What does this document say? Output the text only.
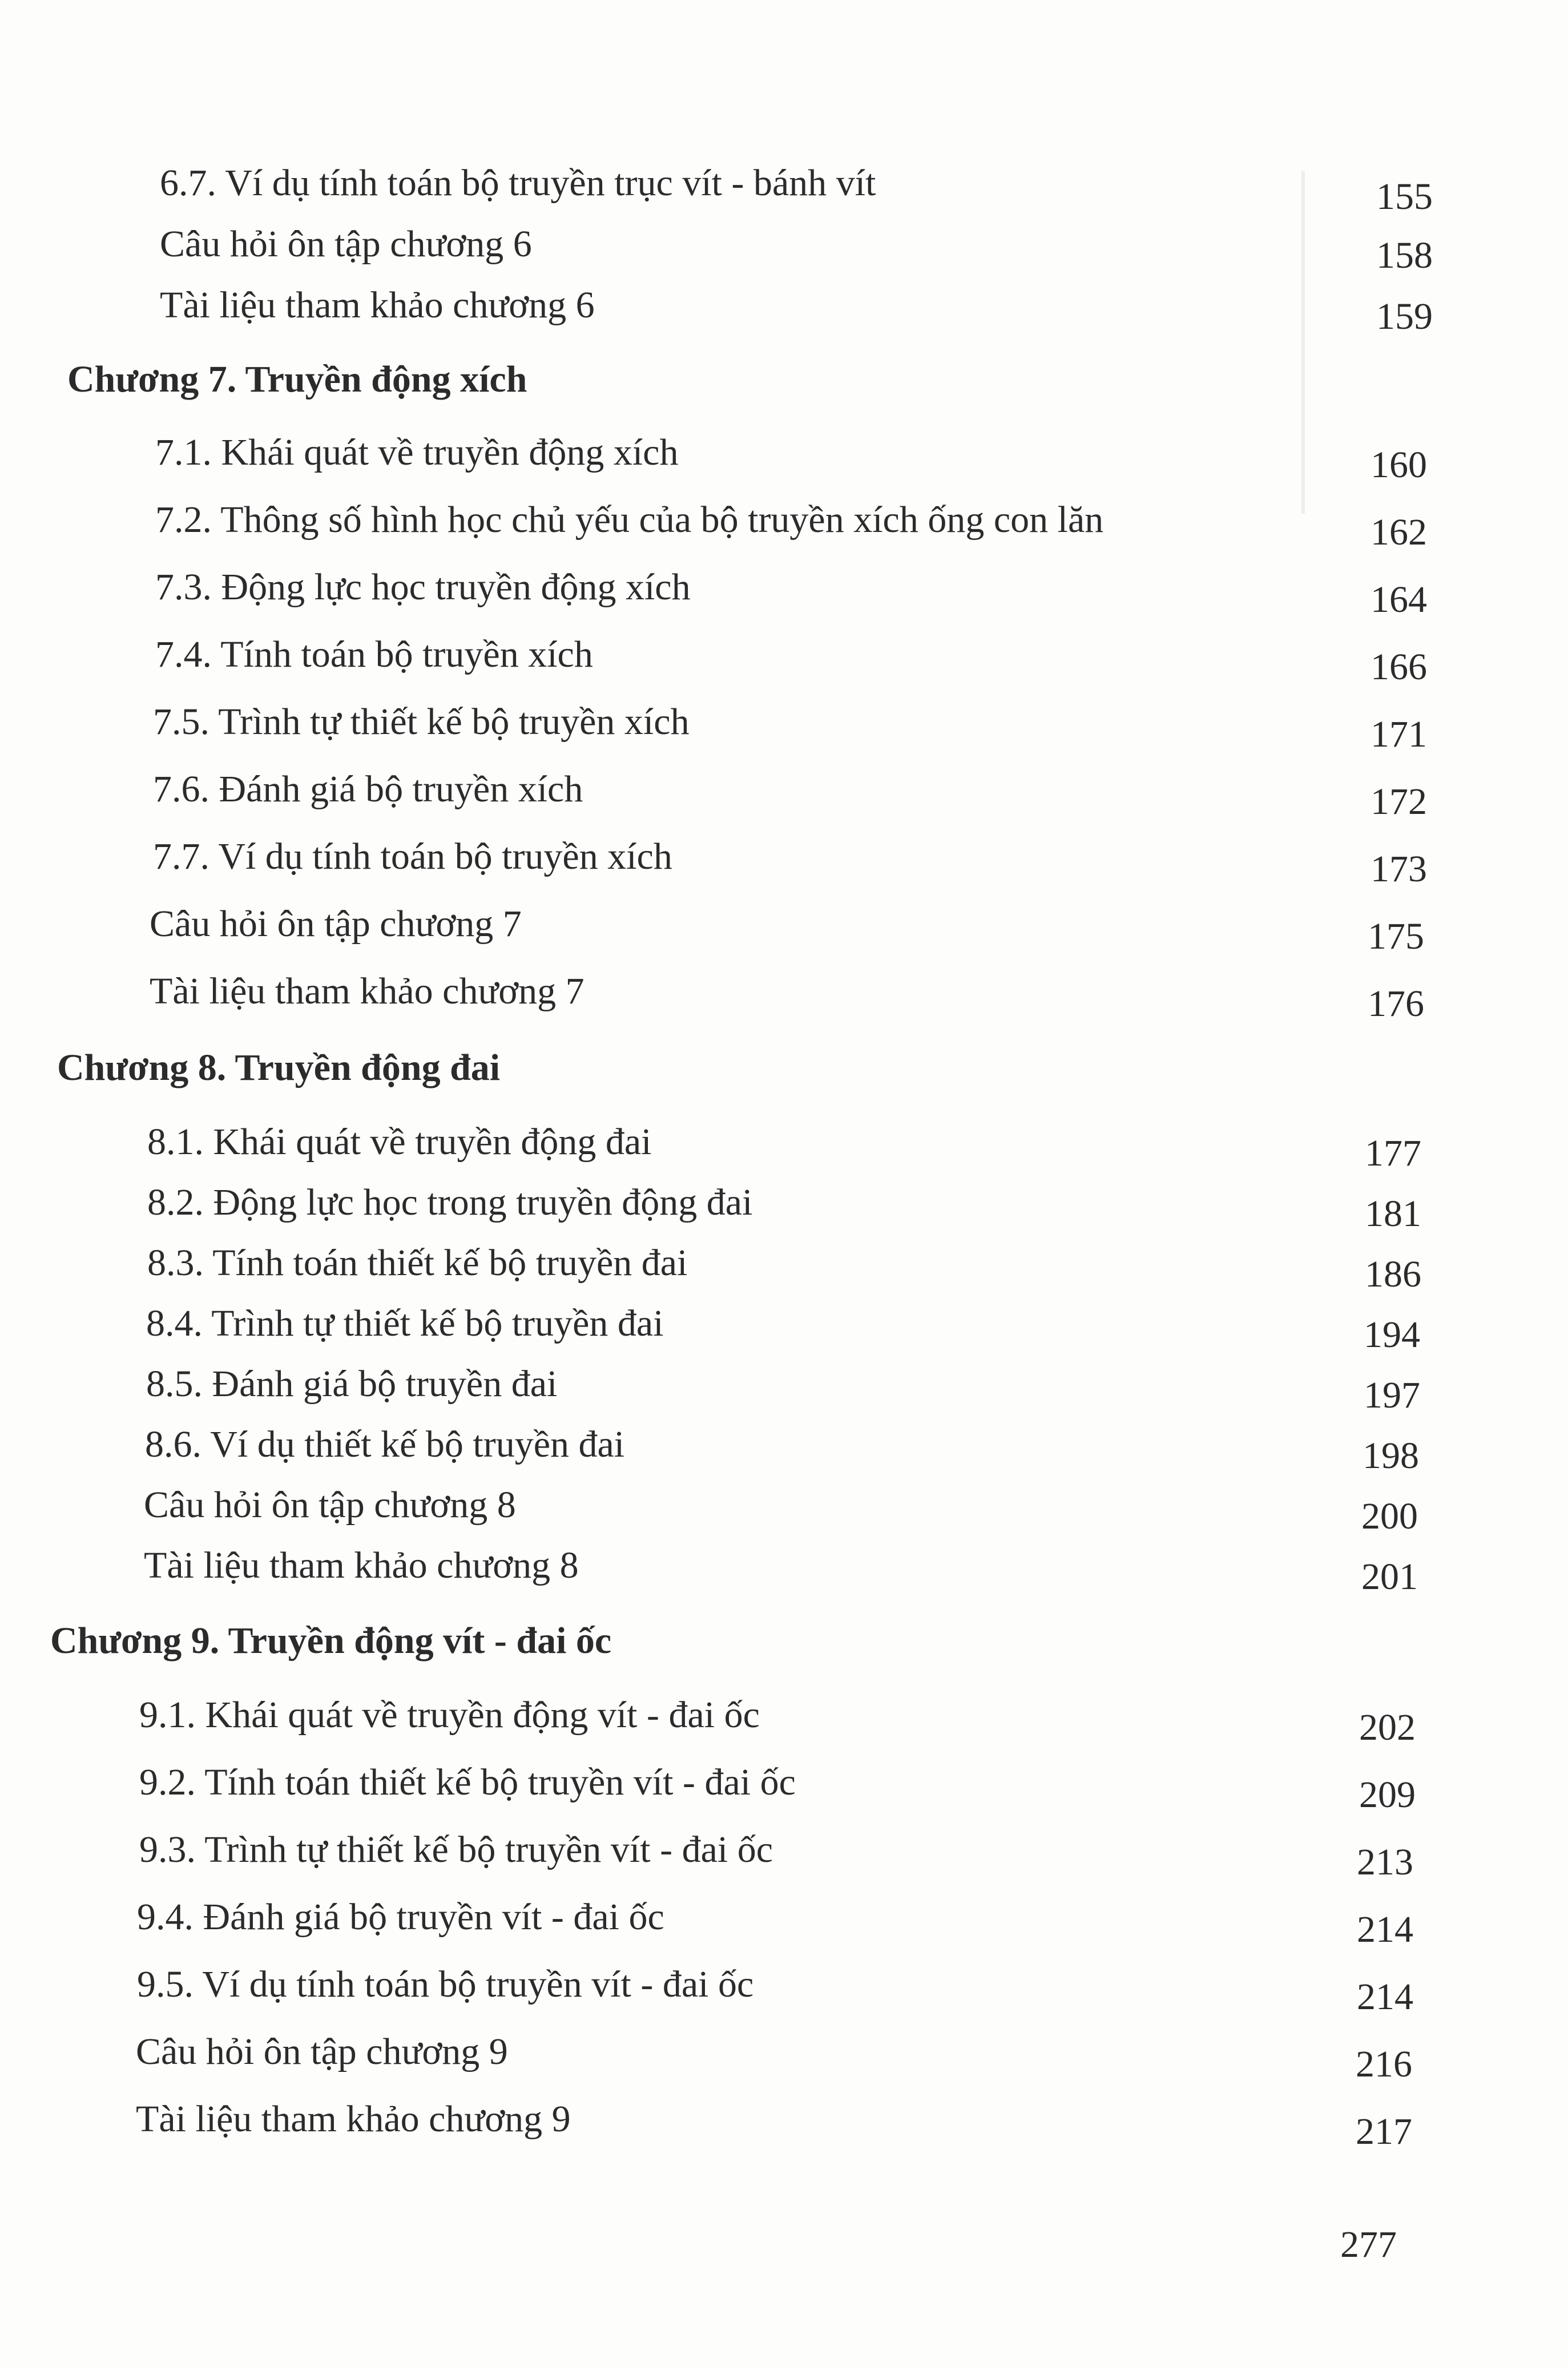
6.7. Ví dụ tính toán bộ truyền trục vít - bánh vít	155
Câu hỏi ôn tập chương 6	158
Tài liệu tham khảo chương 6	159
Chương 7. Truyền động xích
7.1. Khái quát về truyền động xích	160
7.2. Thông số hình học chủ yếu của bộ truyền xích ống con lăn	162
7.3. Động lực học truyền động xích	164
7.4. Tính toán bộ truyền xích	166
7.5. Trình tự thiết kế bộ truyền xích	171
7.6. Đánh giá bộ truyền xích	172
7.7. Ví dụ tính toán bộ truyền xích	173
Câu hỏi ôn tập chương 7	175
Tài liệu tham khảo chương 7	176
Chương 8. Truyền động đai
8.1. Khái quát về truyền động đai	177
8.2. Động lực học trong truyền động đai	181
8.3. Tính toán thiết kế bộ truyền đai	186
8.4. Trình tự thiết kế bộ truyền đai	194
8.5. Đánh giá bộ truyền đai	197
8.6. Ví dụ thiết kế bộ truyền đai	198
Câu hỏi ôn tập chương 8	200
Tài liệu tham khảo chương 8	201
Chương 9. Truyền động vít - đai ốc
9.1. Khái quát về truyền động vít - đai ốc	202
9.2. Tính toán thiết kế bộ truyền vít - đai ốc	209
9.3. Trình tự thiết kế bộ truyền vít - đai ốc	213
9.4. Đánh giá bộ truyền vít - đai ốc	214
9.5. Ví dụ tính toán bộ truyền vít - đai ốc	214
Câu hỏi ôn tập chương 9	216
Tài liệu tham khảo chương 9	217
277
